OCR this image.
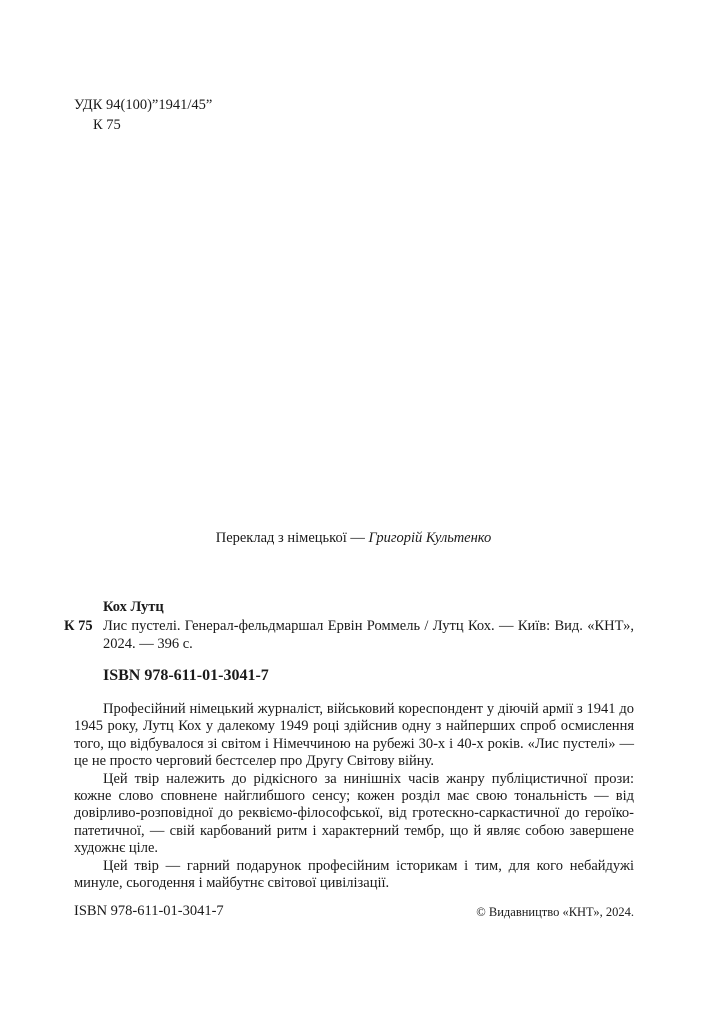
УДК 94(100)”1941/45”
К 75
Переклад з німецької — Григорій Культенко
Кох Лутц
К 75 Лис пустелі. Генерал-фельдмаршал Ервін Роммель / Лутц Кох. — Київ: Вид. «КНТ», 2024. — 396 с.
ISBN 978-611-01-3041-7

Професійний німецький журналіст, військовий кореспондент у діючій армії з 1941 до 1945 року, Лутц Кох у далекому 1949 році здійснив одну з найперших спроб осмислення того, що відбувалося зі світом і Німеччиною на рубежі 30-х і 40-х років. «Лис пустелі» — це не просто черговий бестселер про Другу Світову війну.

Цей твір належить до рідкісного за нинішніх часів жанру публіцистичної прози: кожне слово сповнене найглибшого сенсу; кожен розділ має свою тональність — від довірливо-розповідної до реквіємо-філософської, від гротескно-саркастичної до героїко-патетичної, — свій карбований ритм і характерний тембр, що й являє собою завершене художнє ціле.

Цей твір — гарний подарунок професійним історикам і тим, для кого небайдужі минуле, сьогодення і майбутнє світової цивілізації.

ISBN 978-611-01-3041-7	© Видавництво «КНТ», 2024.
